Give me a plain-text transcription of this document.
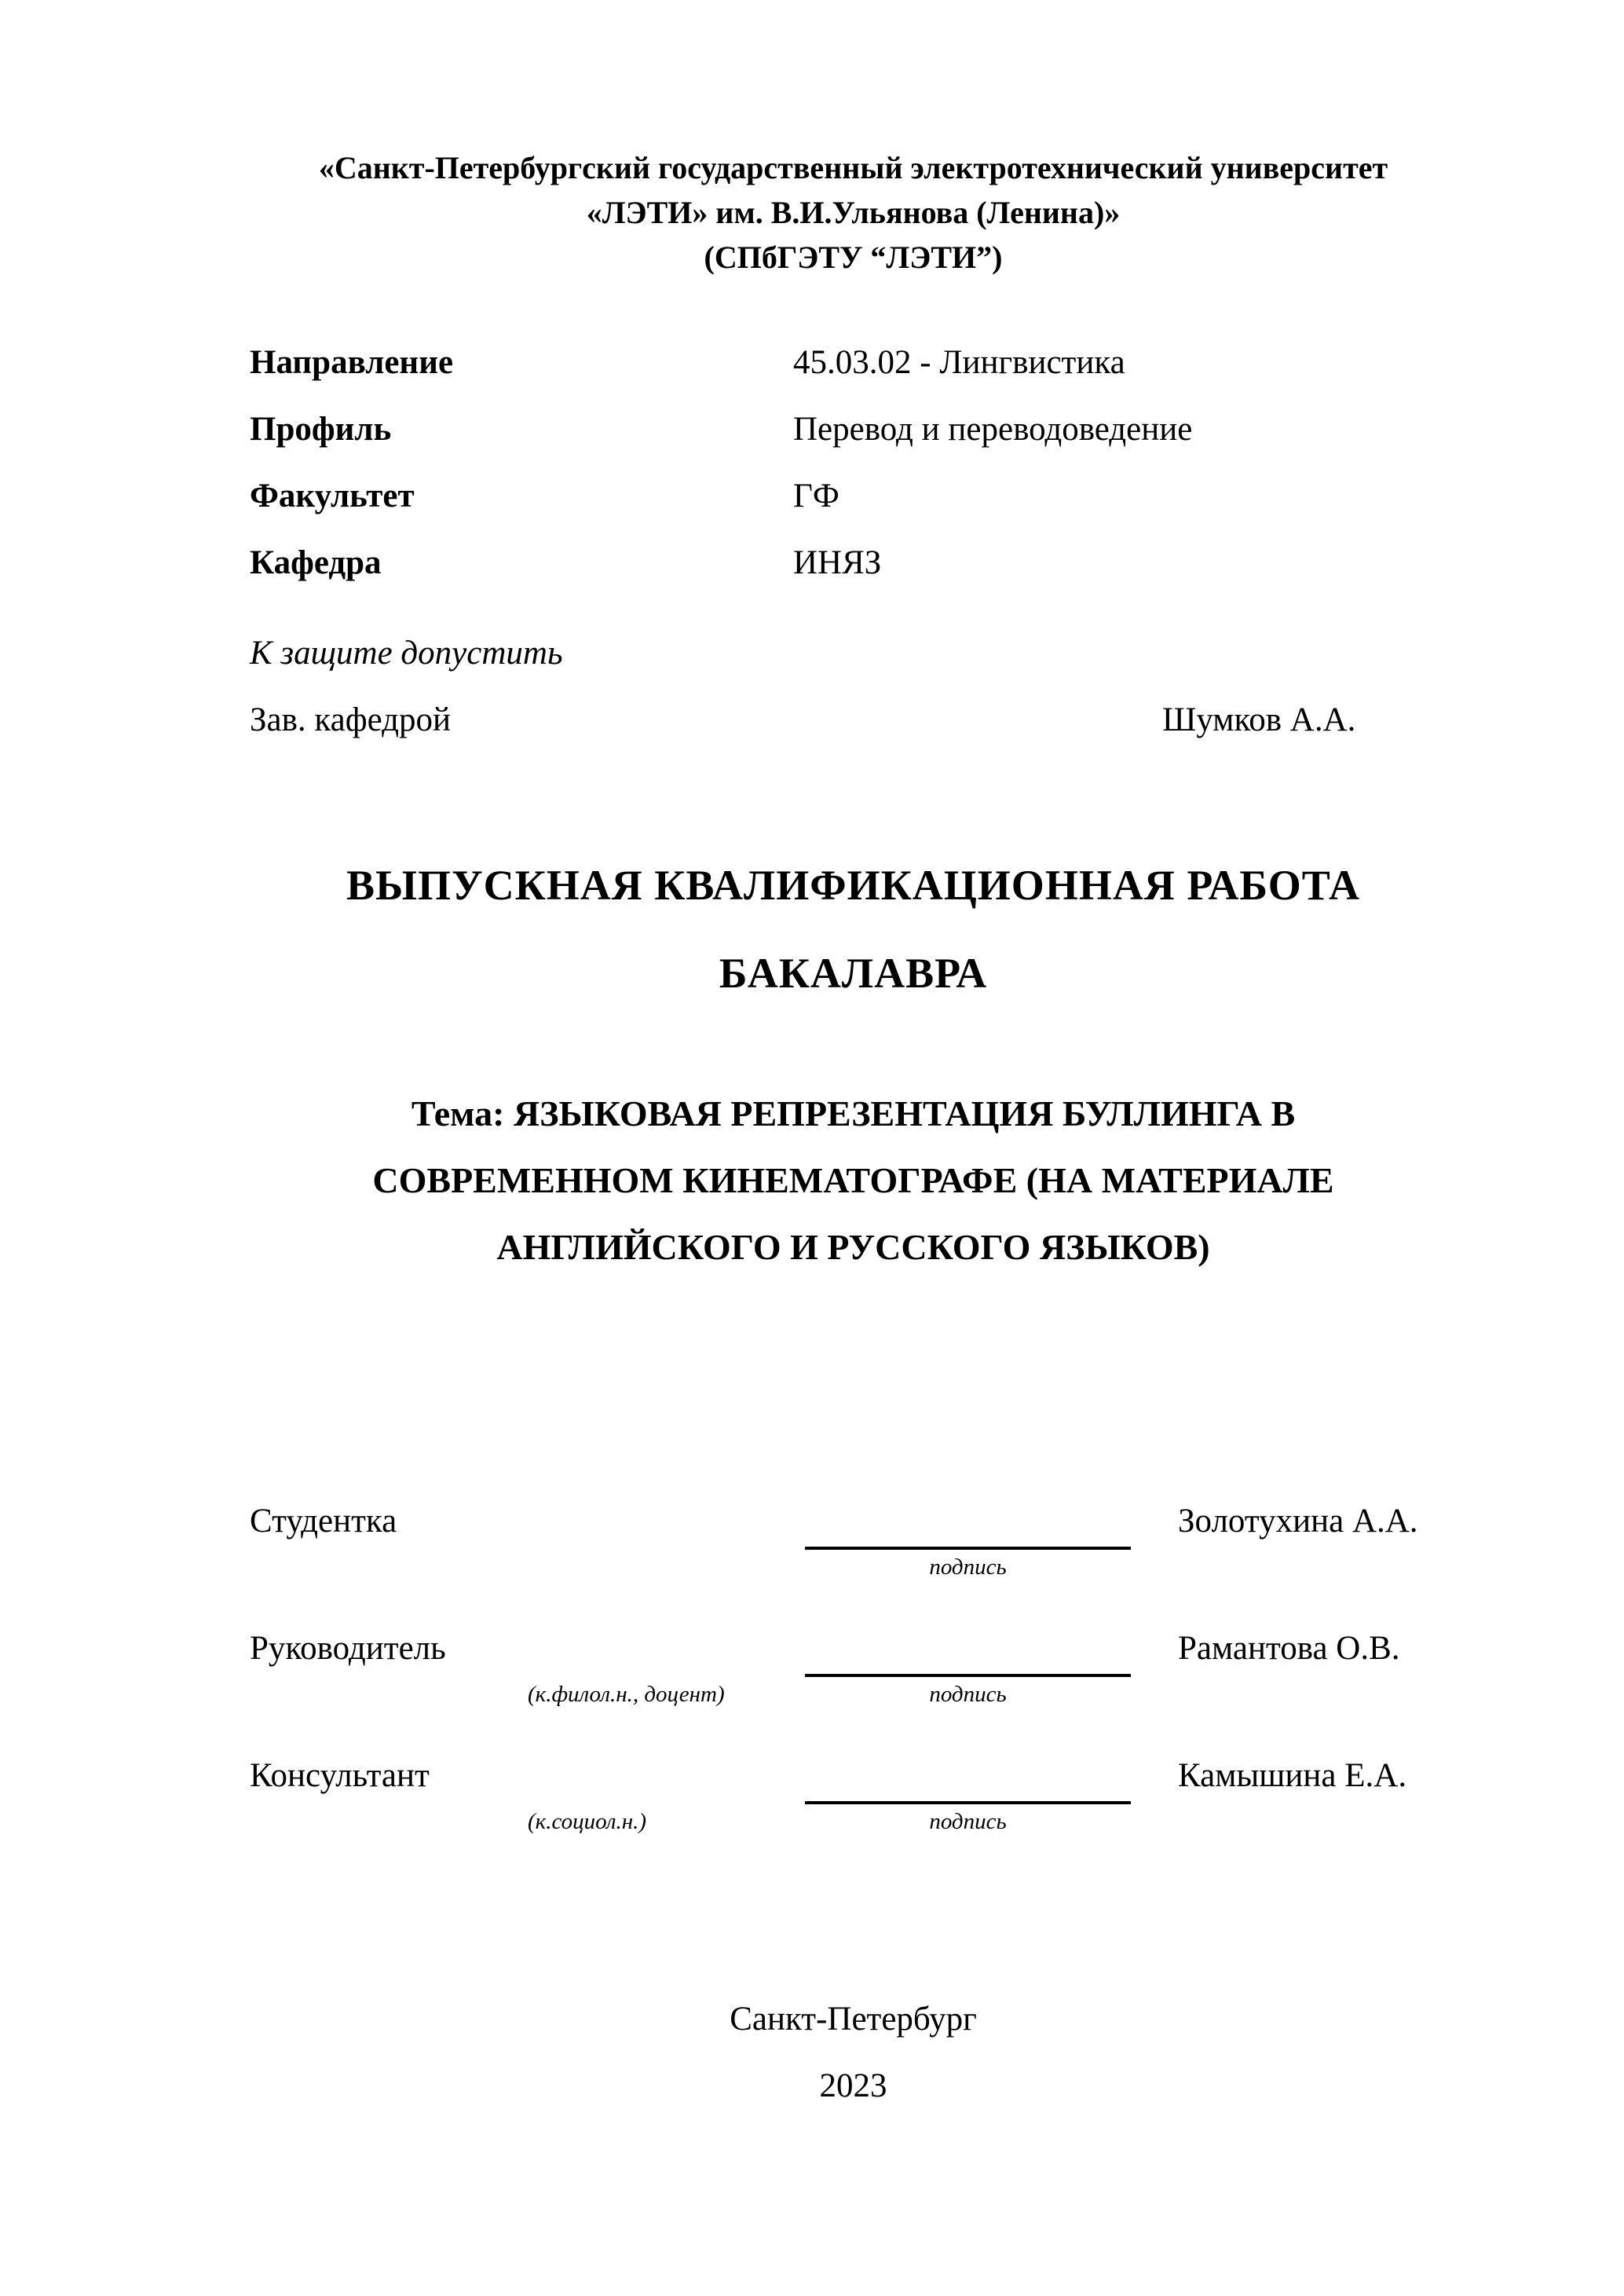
«Санкт-Петербургский государственный электротехнический университет
«ЛЭТИ» им. В.И.Ульянова (Ленина)»
(СПбГЭТУ “ЛЭТИ”)
Направление	45.03.02 - Лингвистика
Профиль	Перевод и переводоведение
Факультет	ГФ
Кафедра	ИНЯЗ
К защите допустить
Зав. кафедрой	Шумков А.А.
ВЫПУСКНАЯ КВАЛИФИКАЦИОННАЯ РАБОТА
БАКАЛАВРА
Тема: ЯЗЫКОВАЯ РЕПРЕЗЕНТАЦИЯ БУЛЛИНГА В
СОВРЕМЕННОМ КИНЕМАТОГРАФЕ (НА МАТЕРИАЛЕ
АНГЛИЙСКОГО И РУССКОГО ЯЗЫКОВ)
Студентка	Золотухина А.А.
подпись
Руководитель	Рамантова О.В.
(к.филол.н., доцент)	подпись
Консультант	Камышина Е.А.
(к.социол.н.)	подпись
Санкт-Петербург
2023
